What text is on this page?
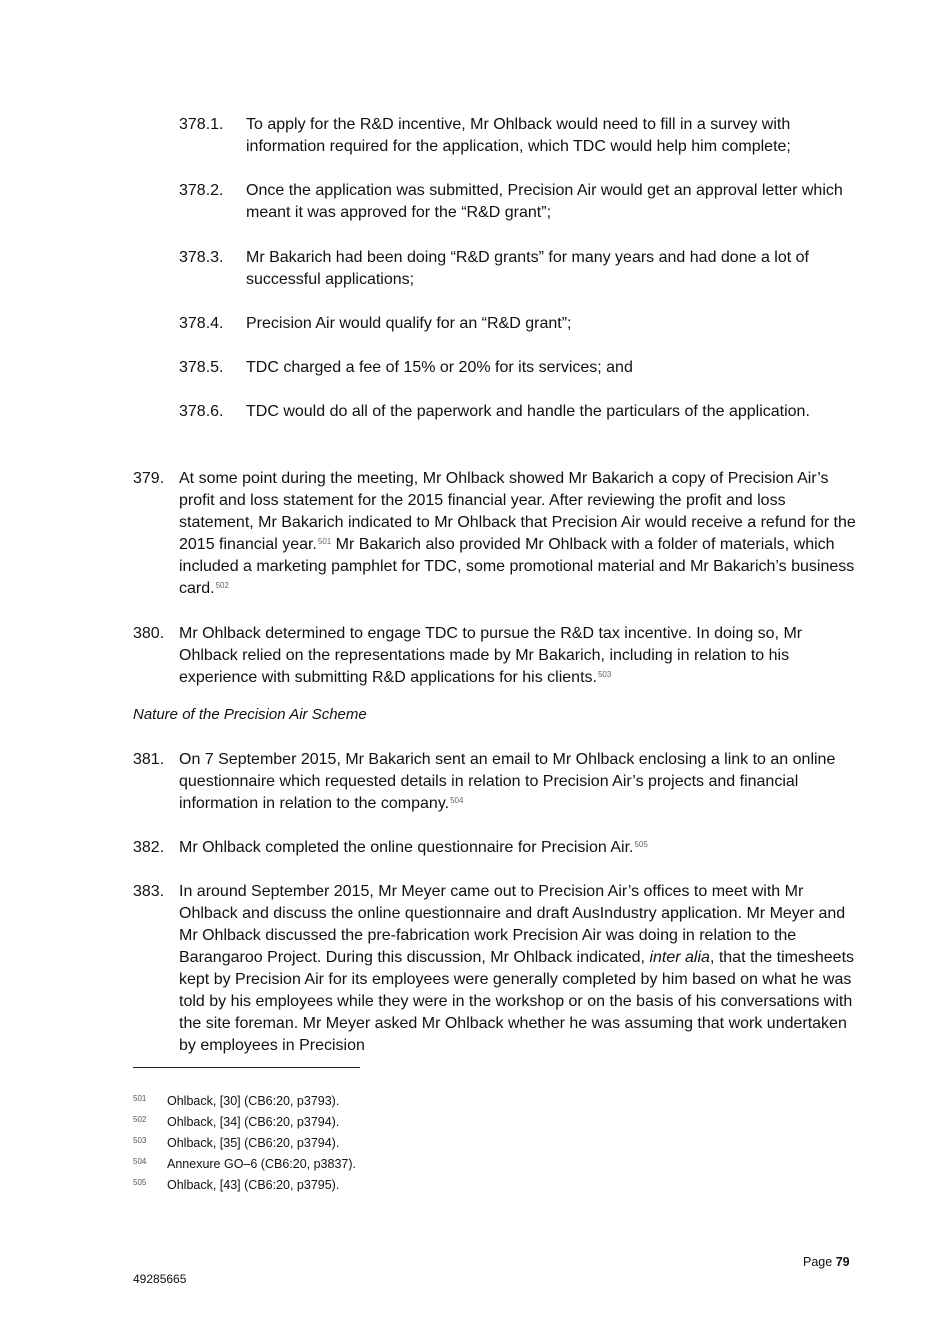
378.1.	To apply for the R&D incentive, Mr Ohlback would need to fill in a survey with information required for the application, which TDC would help him complete;
378.2.	Once the application was submitted, Precision Air would get an approval letter which meant it was approved for the “R&D grant”;
378.3.	Mr Bakarich had been doing “R&D grants” for many years and had done a lot of successful applications;
378.4.	Precision Air would qualify for an “R&D grant”;
378.5.	TDC charged a fee of 15% or 20% for its services; and
378.6.	TDC would do all of the paperwork and handle the particulars of the application.
379. At some point during the meeting, Mr Ohlback showed Mr Bakarich a copy of Precision Air’s profit and loss statement for the 2015 financial year. After reviewing the profit and loss statement, Mr Bakarich indicated to Mr Ohlback that Precision Air would receive a refund for the 2015 financial year.$^{501}$ Mr Bakarich also provided Mr Ohlback with a folder of materials, which included a marketing pamphlet for TDC, some promotional material and Mr Bakarich’s business card.$^{502}$
380. Mr Ohlback determined to engage TDC to pursue the R&D tax incentive. In doing so, Mr Ohlback relied on the representations made by Mr Bakarich, including in relation to his experience with submitting R&D applications for his clients.$^{503}$
Nature of the Precision Air Scheme
381. On 7 September 2015, Mr Bakarich sent an email to Mr Ohlback enclosing a link to an online questionnaire which requested details in relation to Precision Air’s projects and financial information in relation to the company.$^{504}$
382. Mr Ohlback completed the online questionnaire for Precision Air.$^{505}$
383. In around September 2015, Mr Meyer came out to Precision Air’s offices to meet with Mr Ohlback and discuss the online questionnaire and draft AusIndustry application. Mr Meyer and Mr Ohlback discussed the pre-fabrication work Precision Air was doing in relation to the Barangaroo Project. During this discussion, Mr Ohlback indicated, inter alia, that the timesheets kept by Precision Air for its employees were generally completed by him based on what he was told by his employees while they were in the workshop or on the basis of his conversations with the site foreman. Mr Meyer asked Mr Ohlback whether he was assuming that work undertaken by employees in Precision
501 Ohlback, [30] (CB6:20, p3793).
502 Ohlback, [34] (CB6:20, p3794).
503 Ohlback, [35] (CB6:20, p3794).
504 Annexure GO–6 (CB6:20, p3837).
505 Ohlback, [43] (CB6:20, p3795).
Page 79
49285665
